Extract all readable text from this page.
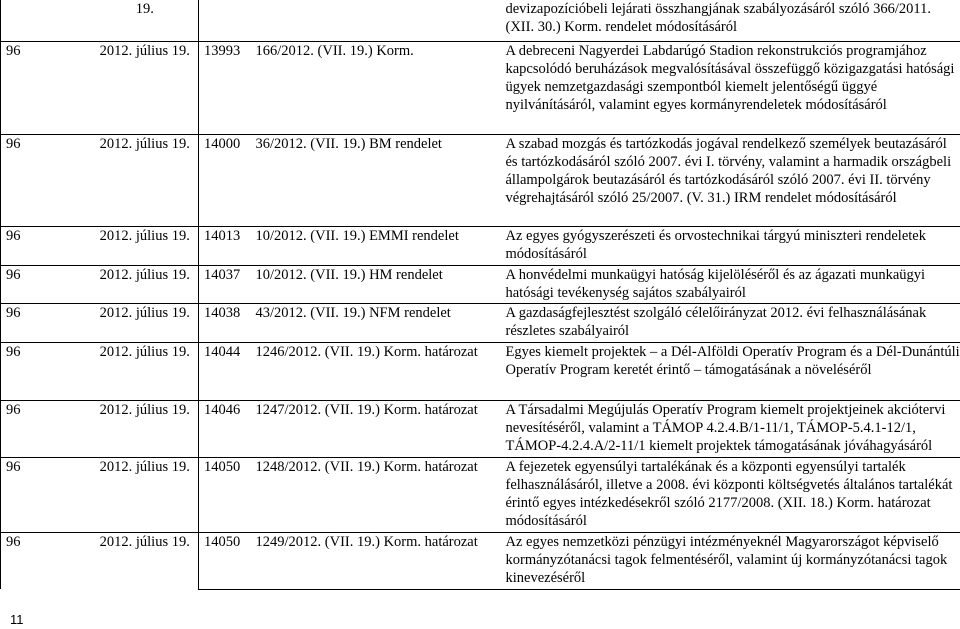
	19.			devizapozícióbeli lejárati összhangjának szabályozásáról szóló 366/2011. (XII. 30.) Korm. rendelet módosításáról

96	2012. július 19.	13993	166/2012. (VII. 19.) Korm.	A debreceni Nagyerdei Labdarúgó Stadion rekonstrukciós programjához kapcsolódó beruházások megvalósításával összefüggő közigazgatási hatósági ügyek nemzetgazdasági szempontból kiemelt jelentőségű üggyé nyilvánításáról, valamint egyes kormányrendeletek módosításáról

96	2012. július 19.	14000	36/2012. (VII. 19.) BM rendelet	A szabad mozgás és tartózkodás jogával rendelkező személyek beutazásáról és tartózkodásáról szóló 2007. évi I. törvény, valamint a harmadik országbeli állampolgárok beutazásáról és tartózkodásáról szóló 2007. évi II. törvény végrehajtásáról szóló 25/2007. (V. 31.) IRM rendelet módosításáról

96	2012. július 19.	14013	10/2012. (VII. 19.) EMMI rendelet	Az egyes gyógyszerészeti és orvostechnikai tárgyú miniszteri rendeletek módosításáról

96	2012. július 19.	14037	10/2012. (VII. 19.) HM rendelet	A honvédelmi munkaügyi hatóság kijelöléséről és az ágazati munkaügyi hatósági tevékenység sajátos szabályairól

96	2012. július 19.	14038	43/2012. (VII. 19.) NFM rendelet	A gazdaságfejlesztést szolgáló célelőirányzat 2012. évi felhasználásának részletes szabályairól

96	2012. július 19.	14044	1246/2012. (VII. 19.) Korm. határozat	Egyes kiemelt projektek – a Dél-Alföldi Operatív Program és a Dél-Dunántúli Operatív Program keretét érintő – támogatásának a növeléséről

96	2012. július 19.	14046	1247/2012. (VII. 19.) Korm. határozat	A Társadalmi Megújulás Operatív Program kiemelt projektjeinek akciótervi nevesítéséről, valamint a TÁMOP 4.2.4.B/1-11/1, TÁMOP-5.4.1-12/1, TÁMOP-4.2.4.A/2-11/1 kiemelt projektek támogatásának jóváhagyásáról

96	2012. július 19.	14050	1248/2012. (VII. 19.) Korm. határozat	A fejezetek egyensúlyi tartalékának és a központi egyensúlyi tartalék felhasználásáról, illetve a 2008. évi központi költségvetés általános tartalékát érintő egyes intézkedésekről szóló 2177/2008. (XII. 18.) Korm. határozat módosításáról

96	2012. július 19.	14050	1249/2012. (VII. 19.) Korm. határozat	Az egyes nemzetközi pénzügyi intézményeknél Magyarországot képviselő kormányzótanácsi tagok felmentéséről, valamint új kormányzótanácsi tagok kinevezéséről
11
